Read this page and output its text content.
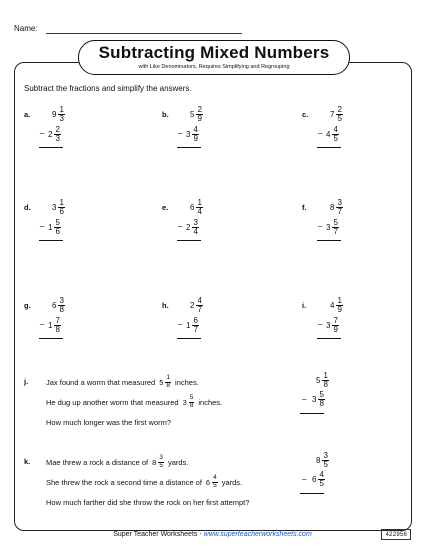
Name:
Subtracting Mixed Numbers
with Like Denominators, Requires Simplifying and Regrouping
Subtract the fractions and simplify the answers.
a.	$9 \frac{1}{3}$
_
$2 \frac{2}{3}$
b.	$5 \frac{2}{9}$
_
$3 \frac{4}{9}$
c.	$7 \frac{2}{5}$
_
$4 \frac{4}{5}$
d.	$3 \frac{1}{6}$
_
$1 \frac{5}{6}$
e.	$6 \frac{1}{4}$
_
$2 \frac{3}{4}$
f.	$8 \frac{3}{7}$
_
$3 \frac{5}{7}$
g.	$6 \frac{3}{8}$
_
$1 \frac{7}{8}$
h.	$2 \frac{4}{7}$
_
$1 \frac{6}{7}$
i.	$4 \frac{1}{9}$
_
$3 \frac{7}{9}$
j. Jax found a worm that measured $5 \frac{1}{8}$ inches.
He dug up another worm that measured $3 \frac{5}{8}$ inches.
How much longer was the first worm?
$5 \frac{1}{8}$
_ $3 \frac{5}{8}$
k. Mae threw a rock a distance of $8 \frac{3}{5}$ yards.
She threw the rock a second time a distance of $6 \frac{4}{5}$ yards.
How much farther did she throw the rock on her first attempt?
$8 \frac{3}{5}$
_ $6 \frac{4}{5}$
Super Teacher Worksheets - www.superteacherworksheets.com	422956
